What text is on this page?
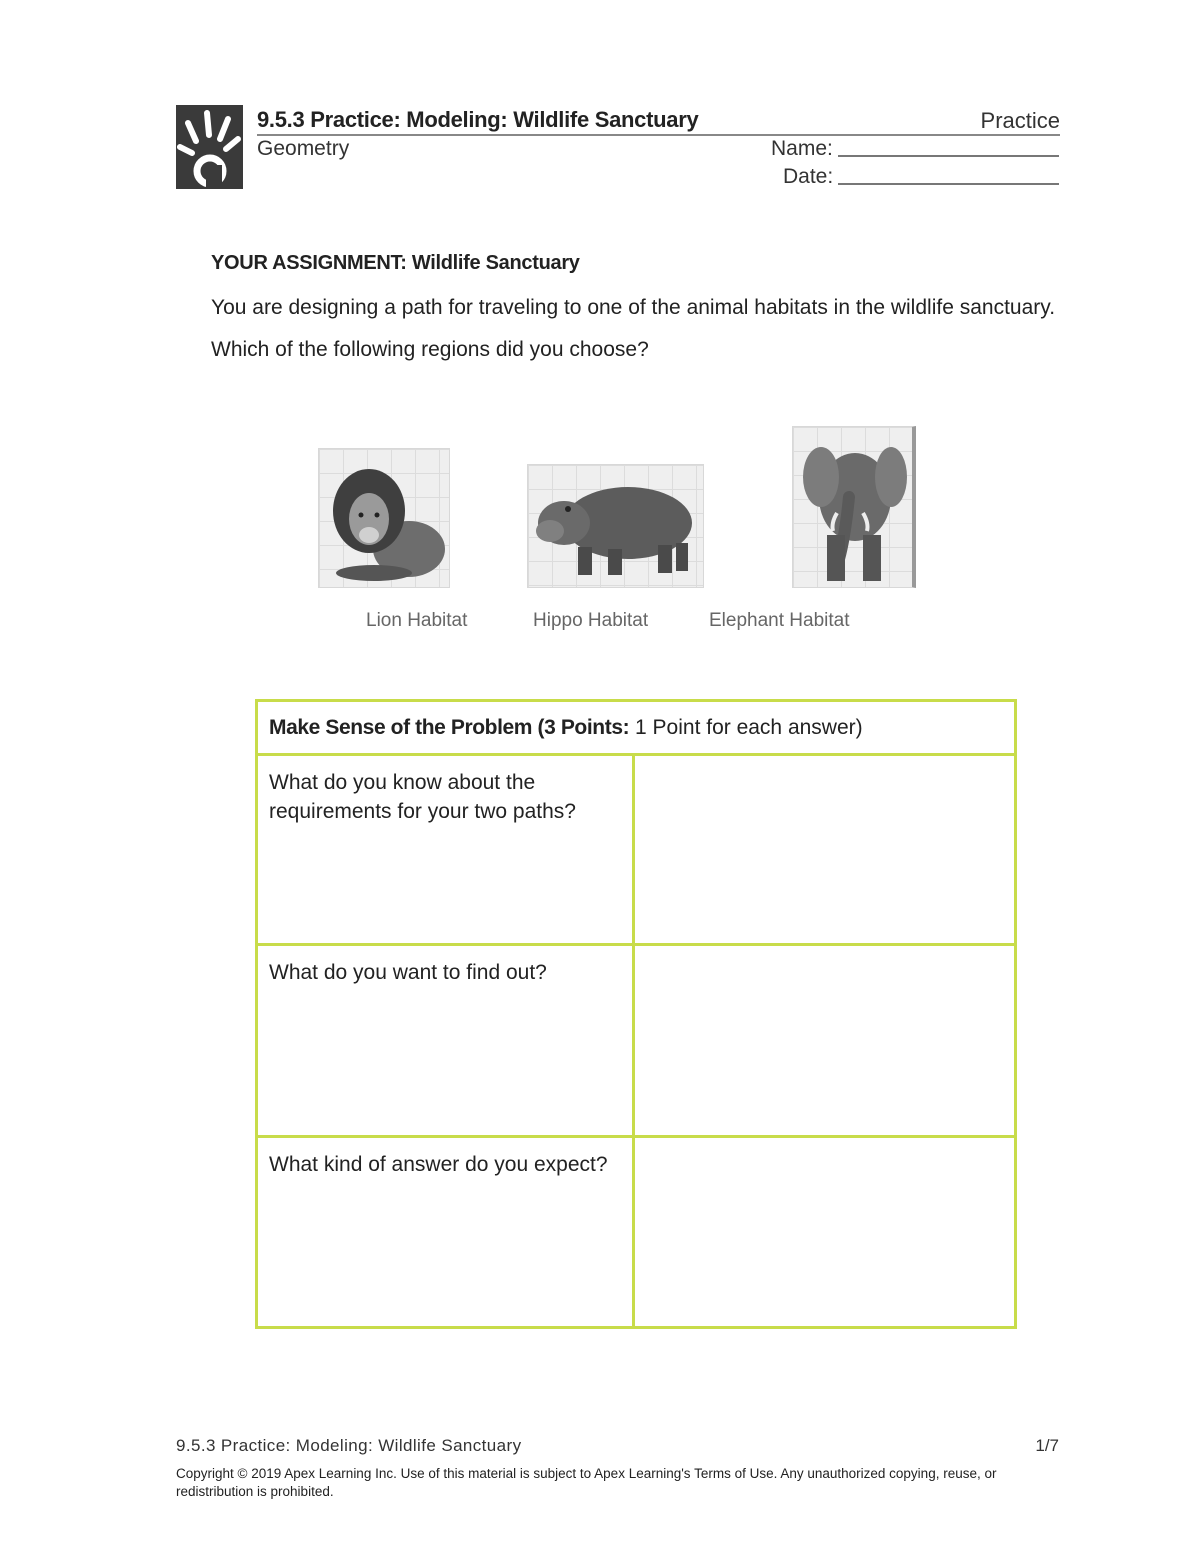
9.5.3 Practice: Modeling: Wildlife Sanctuary	Practice
Geometry	Name:
Date:
YOUR ASSIGNMENT: Wildlife Sanctuary
You are designing a path for traveling to one of the animal habitats in the wildlife sanctuary. Which of the following regions did you choose?
Lion Habitat	Hippo Habitat	Elephant Habitat
Make Sense of the Problem (3 Points: 1 Point for each answer)
What do you know about the requirements for your two paths?
What do you want to find out?
What kind of answer do you expect?
9.5.3 Practice: Modeling: Wildlife Sanctuary	1/7
Copyright © 2019 Apex Learning Inc. Use of this material is subject to Apex Learning's Terms of Use. Any unauthorized copying, reuse, or redistribution is prohibited.
